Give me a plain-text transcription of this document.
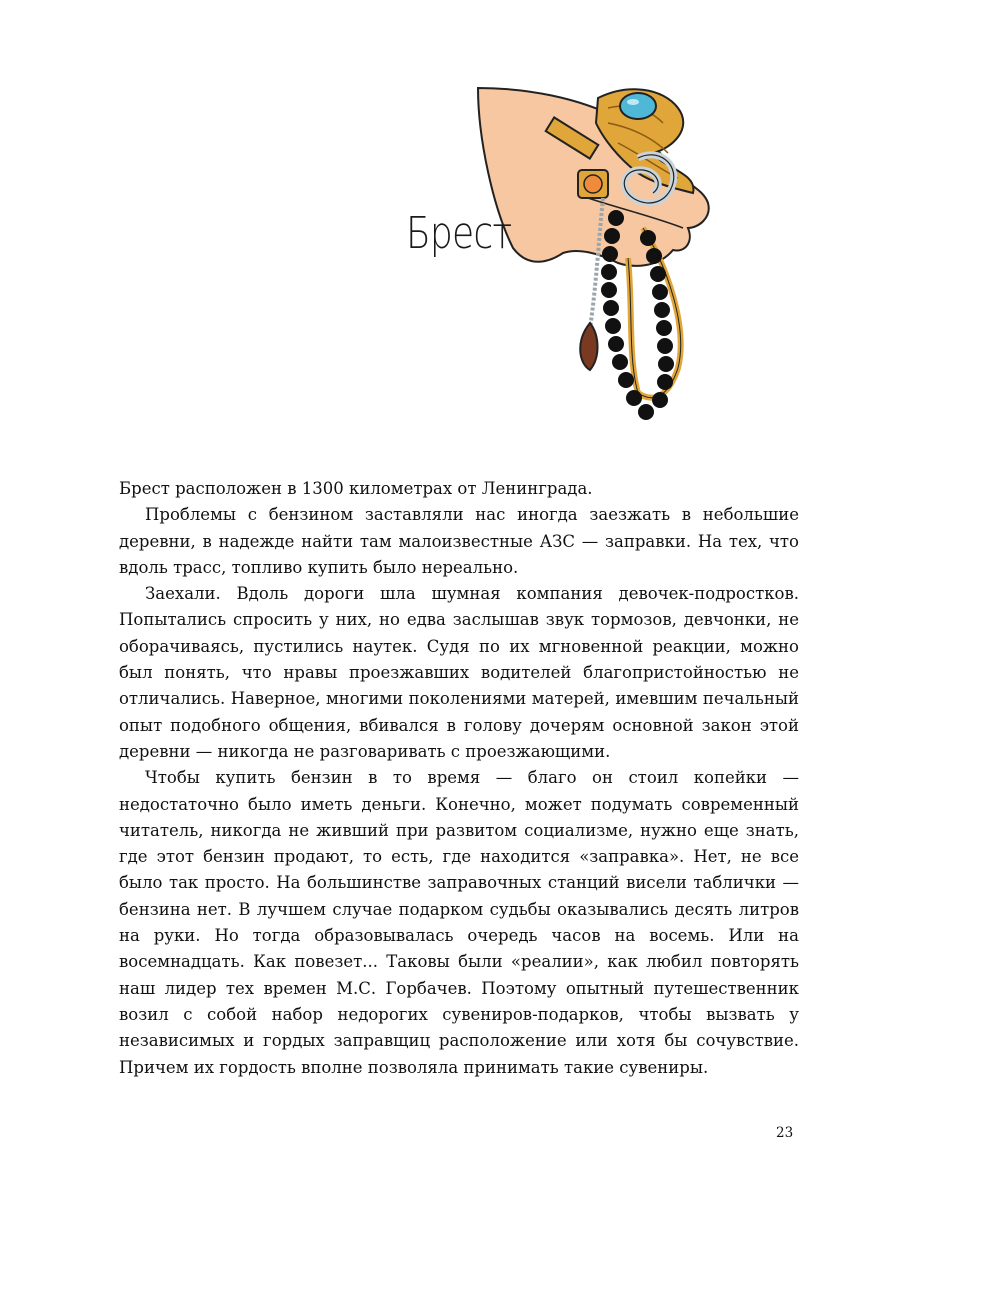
Брест

Брест расположен в 1300 километрах от Ленинграда.

Проблемы с бензином заставляли нас иногда заезжать в небольшие деревни, в надежде найти там малоизвестные АЗС — заправки. На тех, что вдоль трасс, топливо купить было нереально.

Заехали. Вдоль дороги шла шумная компания девочек-подростков. Попытались спросить у них, но едва заслышав звук тормозов, девчонки, не оборачиваясь, пустились наутек. Судя по их мгновенной реакции, можно был понять, что нравы проезжавших водителей благопристойностью не отличались. Наверное, многими поколениями матерей, имевшим печальный опыт подобного общения, вбивался в голову дочерям основной закон этой деревни — никогда не разговаривать с проезжающими.

Чтобы купить бензин в то время — благо он стоил копейки — недостаточно было иметь деньги. Конечно, может подумать современный читатель, никогда не живший при развитом социализме, нужно еще знать, где этот бензин продают, то есть, где находится «заправка». Нет, не все было так просто. На большинстве заправочных станций висели таблички — бензина нет. В лучшем случае подарком судьбы оказывались десять литров на руки. Но тогда образовывалась очередь часов на восемь. Или на восемнадцать. Как повезет... Таковы были «реалии», как любил повторять наш лидер тех времен М.С. Горбачев. Поэтому опытный путешественник возил с собой набор недорогих сувениров-подарков, чтобы вызвать у независимых и гордых заправщиц расположение или хотя бы сочувствие. Причем их гордость вполне позволяла принимать такие сувениры.

23
